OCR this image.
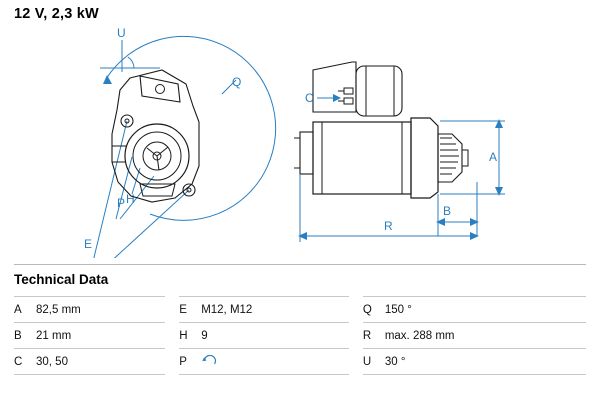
12 V, 2,3 kW
U
Q
E
P H
C
A
B
R
Technical Data
A	82,5 mm		E	M12, M12		Q	150 °
B	21 mm		H	9		R	max. 288 mm
C	30, 50		P			U	30 °
